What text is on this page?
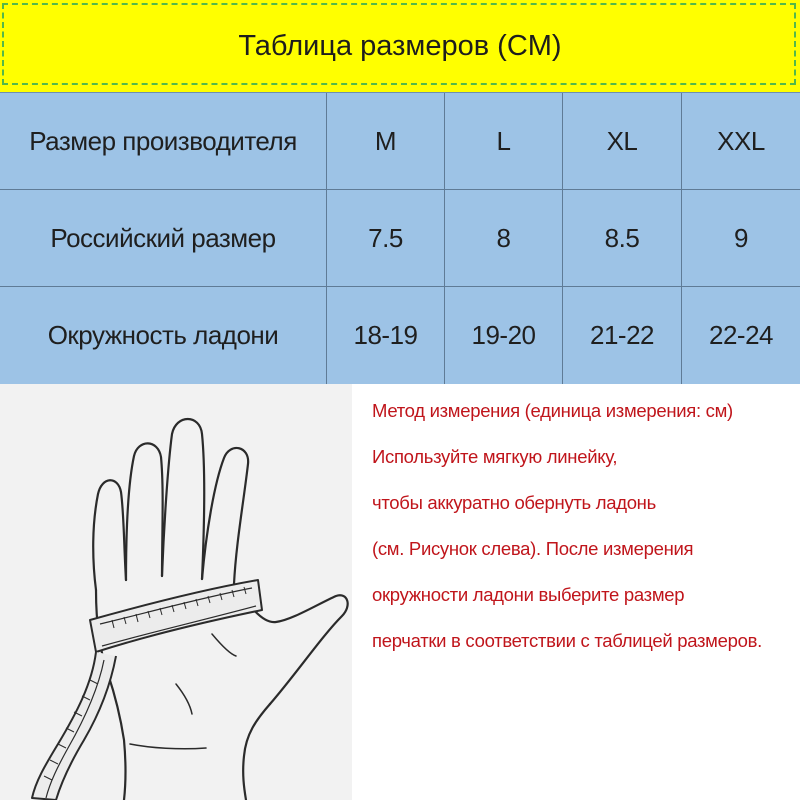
Таблица размеров (CM)
Размер производителя	M	L	XL	XXL
Российский размер	7.5	8	8.5	9
Окружность ладони	18-19	19-20	21-22	22-24
Метод измерения (единица измерения: см)
Используйте мягкую линейку,
чтобы аккуратно обернуть ладонь
(см. Рисунок слева). После измерения
окружности ладони выберите размер
перчатки в соответствии с таблицей размеров.
